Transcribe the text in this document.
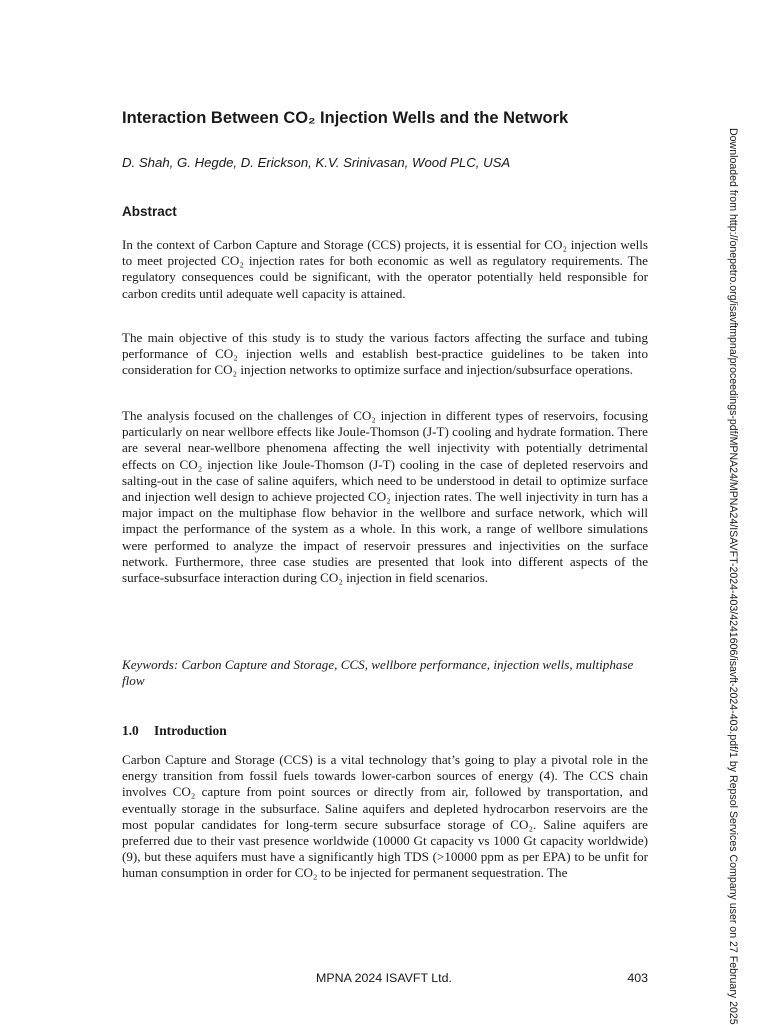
Interaction Between CO₂ Injection Wells and the Network
D. Shah, G. Hegde, D. Erickson, K.V. Srinivasan, Wood PLC, USA
Abstract

In the context of Carbon Capture and Storage (CCS) projects, it is essential for CO₂ injection wells to meet projected CO₂ injection rates for both economic as well as regulatory requirements. The regulatory consequences could be significant, with the operator potentially held responsible for carbon credits until adequate well capacity is attained.

The main objective of this study is to study the various factors affecting the surface and tubing performance of CO₂ injection wells and establish best-practice guidelines to be taken into consideration for CO₂ injection networks to optimize surface and injection/subsurface operations.

The analysis focused on the challenges of CO₂ injection in different types of reservoirs, focusing particularly on near wellbore effects like Joule-Thomson (J-T) cooling and hydrate formation. There are several near-wellbore phenomena affecting the well injectivity with potentially detrimental effects on CO₂ injection like Joule-Thomson (J-T) cooling in the case of depleted reservoirs and salting-out in the case of saline aquifers, which need to be understood in detail to optimize surface and injection well design to achieve projected CO₂ injection rates. The well injectivity in turn has a major impact on the multiphase flow behavior in the wellbore and surface network, which will impact the performance of the system as a whole. In this work, a range of wellbore simulations were performed to analyze the impact of reservoir pressures and injectivities on the surface network. Furthermore, three case studies are presented that look into different aspects of the surface-subsurface interaction during CO₂ injection in field scenarios.

Keywords: Carbon Capture and Storage, CCS, wellbore performance, injection wells, multiphase flow

1.0 Introduction

Carbon Capture and Storage (CCS) is a vital technology that’s going to play a pivotal role in the energy transition from fossil fuels towards lower-carbon sources of energy (4). The CCS chain involves CO₂ capture from point sources or directly from air, followed by transportation, and eventually storage in the subsurface. Saline aquifers and depleted hydrocarbon reservoirs are the most popular candidates for long-term secure subsurface storage of CO₂. Saline aquifers are preferred due to their vast presence worldwide (10000 Gt capacity vs 1000 Gt capacity worldwide) (9), but these aquifers must have a significantly high TDS (>10000 ppm as per EPA) to be unfit for human consumption in order for CO₂ to be injected for permanent sequestration. The

MPNA 2024 ISAVFT Ltd.	403	Downloaded from http://onepetro.org/isavftmpna/proceedings-pdf/MPNA24/MPNA24/ISAVFT-2024-403/4241606/isavft-2024-403.pdf/1 by Repsol Services Company user on 27 February 2025
